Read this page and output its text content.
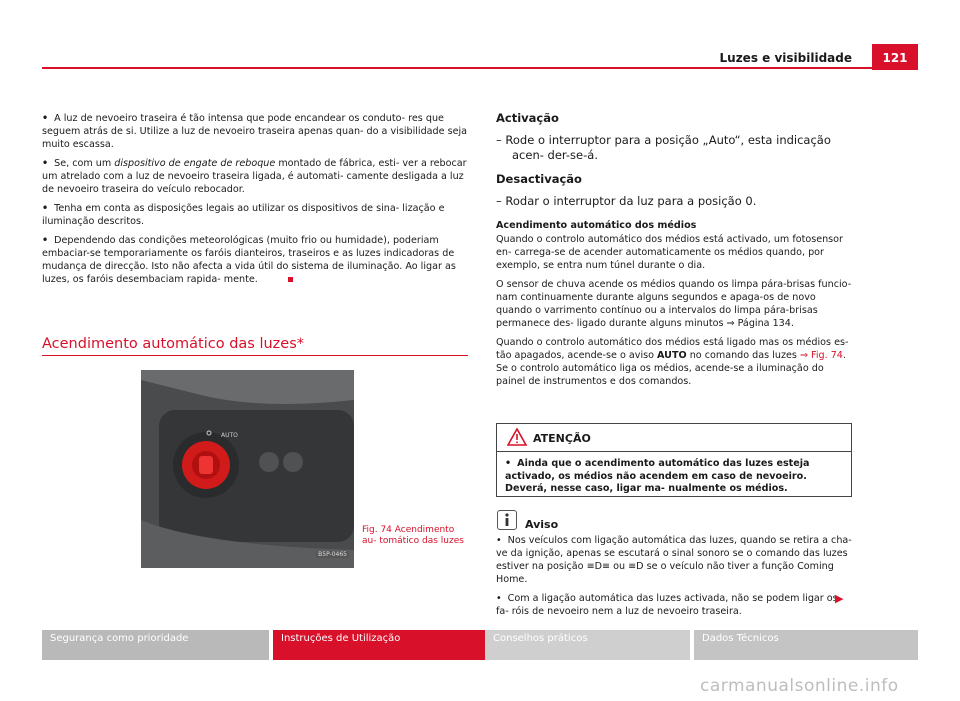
Luzes e visibilidade	121
• A luz de nevoeiro traseira é tão intensa que pode encandear os conduto- res que seguem atrás de si. Utilize a luz de nevoeiro traseira apenas quan- do a visibilidade seja muito escassa.
• Se, com um dispositivo de engate de reboque montado de fábrica, esti- ver a rebocar um atrelado com a luz de nevoeiro traseira ligada, é automati- camente desligada a luz de nevoeiro traseira do veículo rebocador.
• Tenha em conta as disposições legais ao utilizar os dispositivos de sina- lização e iluminação descritos.
• Dependendo das condições meteorológicas (muito frio ou humidade), poderiam embaciar-se temporariamente os faróis dianteiros, traseiros e as luzes indicadoras de mudança de direcção. Isto não afecta a vida útil do sistema de iluminação. Ao ligar as luzes, os faróis desembaciam rapida- mente.
Acendimento automático das luzes*
AUTO
B5P-0465
Fig. 74 Acendimento au- tomático das luzes
Activação
– Rode o interruptor para a posição „Auto“, esta indicação acen- der-se-á.
Desactivação
– Rodar o interruptor da luz para a posição 0.
Acendimento automático dos médios

Quando o controlo automático dos médios está activado, um fotosensor en- carrega-se de acender automaticamente os médios quando, por exemplo, se entra num túnel durante o dia.

O sensor de chuva acende os médios quando os limpa pára-brisas funcio- nam continuamente durante alguns segundos e apaga-os de novo quando o varrimento contínuo ou a intervalos do limpa pára-brisas permanece des- ligado durante alguns minutos ⇒ Página 134.

Quando o controlo automático dos médios está ligado mas os médios es- tão apagados, acende-se o aviso AUTO no comando das luzes ⇒ Fig. 74. Se o controlo automático liga os médios, acende-se a iluminação do painel de instrumentos e dos comandos.

ATENÇÃO
• Ainda que o acendimento automático das luzes esteja activado, os médios não acendem em caso de nevoeiro. Deverá, nesse caso, ligar ma- nualmente os médios.
Aviso

• Nos veículos com ligação automática das luzes, quando se retira a cha- ve da ignição, apenas se escutará o sinal sonoro se o comando das luzes estiver na posição ≡D≡ ou ≡D se o veículo não tiver a função Coming Home.

• Com a ligação automática das luzes activada, não se podem ligar os fa- róis de nevoeiro nem a luz de nevoeiro traseira.

▶
Segurança como prioridade	Instruções de Utilização	Conselhos práticos	Dados Técnicos
carmanualsonline.info
